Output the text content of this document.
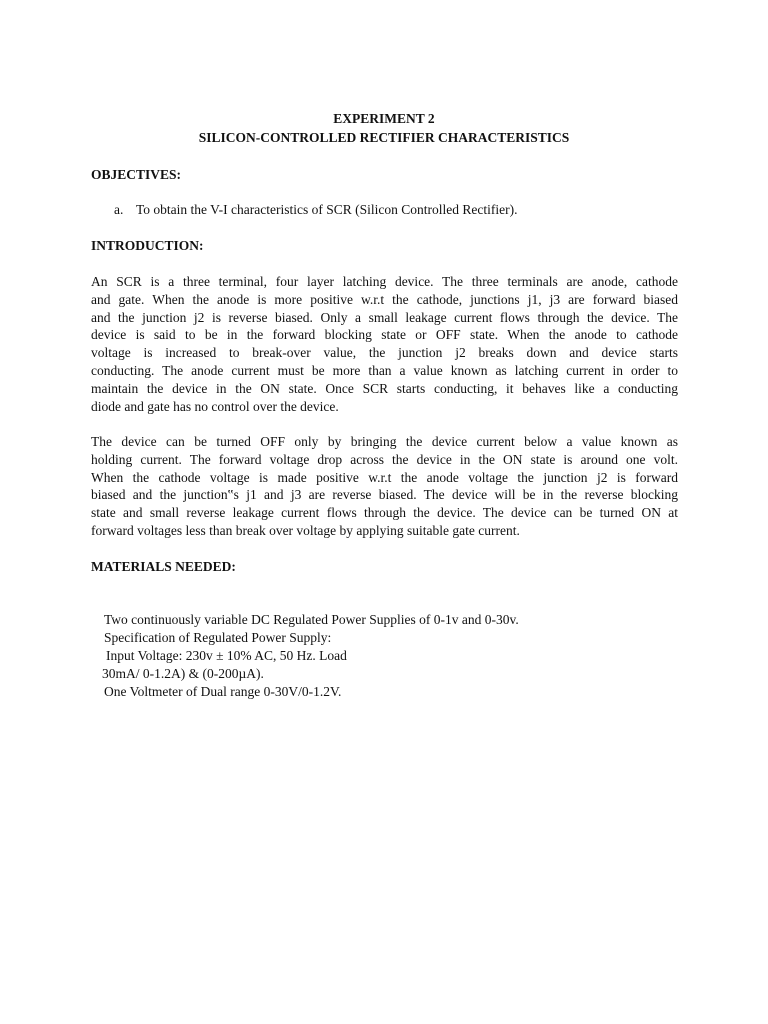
EXPERIMENT 2
SILICON-CONTROLLED RECTIFIER CHARACTERISTICS
OBJECTIVES:
a. To obtain the V-I characteristics of SCR (Silicon Controlled Rectifier).
INTRODUCTION:
An SCR is a three terminal, four layer latching device. The three terminals are anode, cathode
and gate. When the anode is more positive w.r.t the cathode, junctions j1, j3 are forward biased
and the junction j2 is reverse biased. Only a small leakage current flows through the device. The
device is said to be in the forward blocking state or OFF state. When the anode to cathode
voltage is increased to break-over value, the junction j2 breaks down and device starts
conducting. The anode current must be more than a value known as latching current in order to
maintain the device in the ON state. Once SCR starts conducting, it behaves like a conducting
diode and gate has no control over the device.
The device can be turned OFF only by bringing the device current below a value known as
holding current. The forward voltage drop across the device in the ON state is around one volt.
When the cathode voltage is made positive w.r.t the anode voltage the junction j2 is forward
biased and the junction‟s j1 and j3 are reverse biased. The device will be in the reverse blocking
state and small reverse leakage current flows through the device. The device can be turned ON at
forward voltages less than break over voltage by applying suitable gate current.
MATERIALS NEEDED:
Two continuously variable DC Regulated Power Supplies of 0-1v and 0-30v.
Specification of Regulated Power Supply:
Input Voltage: 230v ± 10% AC, 50 Hz. Load
30mA/ 0-1.2A) & (0-200µA).
One Voltmeter of Dual range 0-30V/0-1.2V.
